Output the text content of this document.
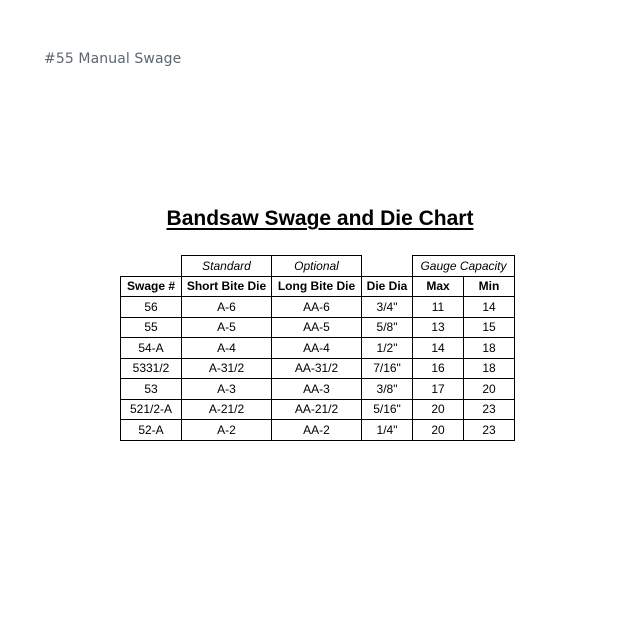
#55 Manual Swage
Bandsaw Swage and Die Chart
	Standard	Optional		Gauge Capacity	
Swage #	Short Bite Die	Long Bite Die	Die Dia	Max	Min
56	A-6	AA-6	3/4"	11	14
55	A-5	AA-5	5/8"	13	15
54-A	A-4	AA-4	1/2"	14	18
5331/2	A-31/2	AA-31/2	7/16"	16	18
53	A-3	AA-3	3/8"	17	20
521/2-A	A-21/2	AA-21/2	5/16"	20	23
52-A	A-2	AA-2	1/4"	20	23
